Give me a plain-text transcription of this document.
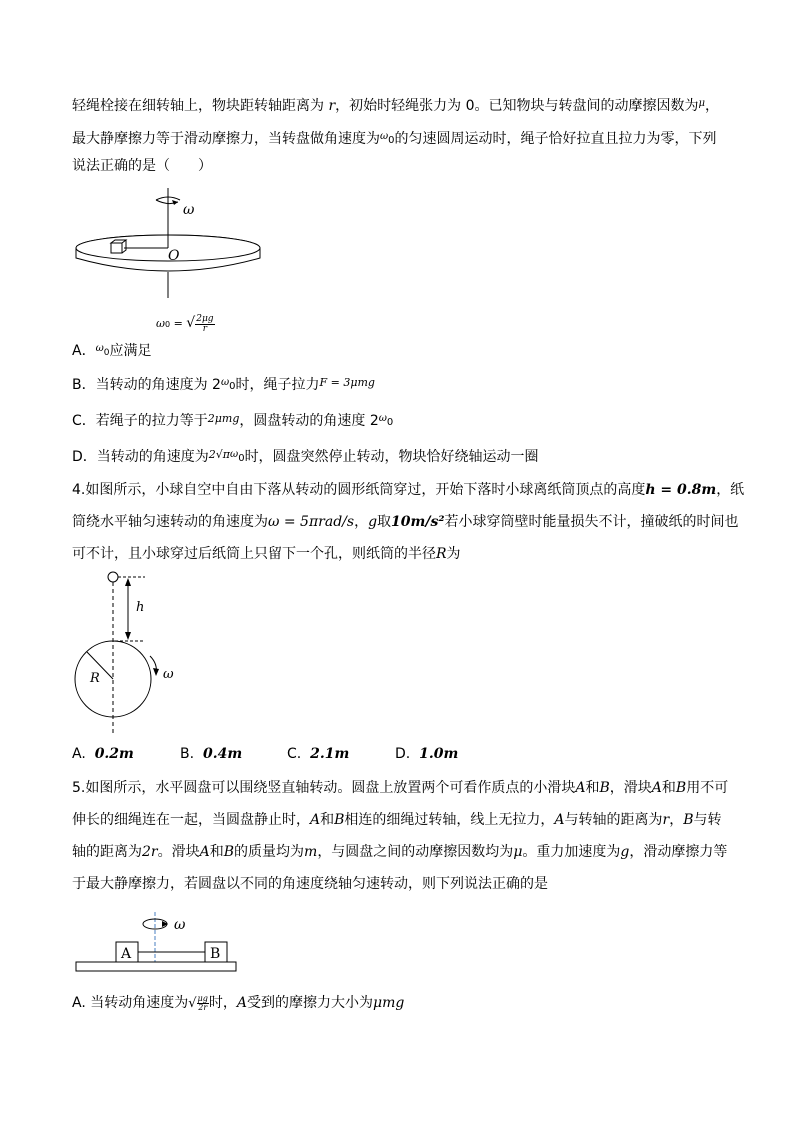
轻绳栓接在细转轴上，物块距转轴距离为 r，初始时轻绳张力为 0。已知物块与转盘间的动摩擦因数为$^\mu$，
最大静摩擦力等于滑动摩擦力，当转盘做角速度为$^\omega$0的匀速圆周运动时，绳子恰好拉直且拉力为零，下列
说法正确的是（　　）
ω
O
A．$^\omega$0应满足
ω0 = √ $\frac{2\mu g}{r}$
B．当转动的角速度为 $2^\omega 0$时，绳子拉力$^{F = 3\mu mg}$
C．若绳子的拉力等于$^{2\mu mg}$，圆盘转动的角速度 $2^\omega 0$
D．当转动的角速度为$^{2√\pi\omega}$0时，圆盘突然停止转动，物块恰好绕轴运动一圈
4.如图所示，小球自空中自由下落从转动的圆形纸筒穿过，开始下落时小球离纸筒顶点的高度h = 0.8m，纸
筒绕水平轴匀速转动的角速度为ω = 5πrad/s，g取10m/s²若小球穿筒壁时能量损失不计，撞破纸的时间也
可不计，且小球穿过后纸筒上只留下一个孔，则纸筒的半径R为
h
R	ω
A. 0.2m	B. 0.4m	C. 2.1m	D. 1.0m
5.如图所示，水平圆盘可以围绕竖直轴转动。圆盘上放置两个可看作质点的小滑块A和B，滑块A和B用不可
伸长的细绳连在一起，当圆盘静止时，A和B相连的细绳过转轴，线上无拉力，A与转轴的距离为r，B与转
轴的距离为2r。滑块A和B的质量均为m，与圆盘之间的动摩擦因数均为μ。重力加速度为g，滑动摩擦力等
于最大静摩擦力，若圆盘以不同的角速度绕轴匀速转动，则下列说法正确的是
ω
A	B
A. 当转动角速度为√ $\frac{\mu g}{2r}$ 时，A受到的摩擦力大小为μmg
